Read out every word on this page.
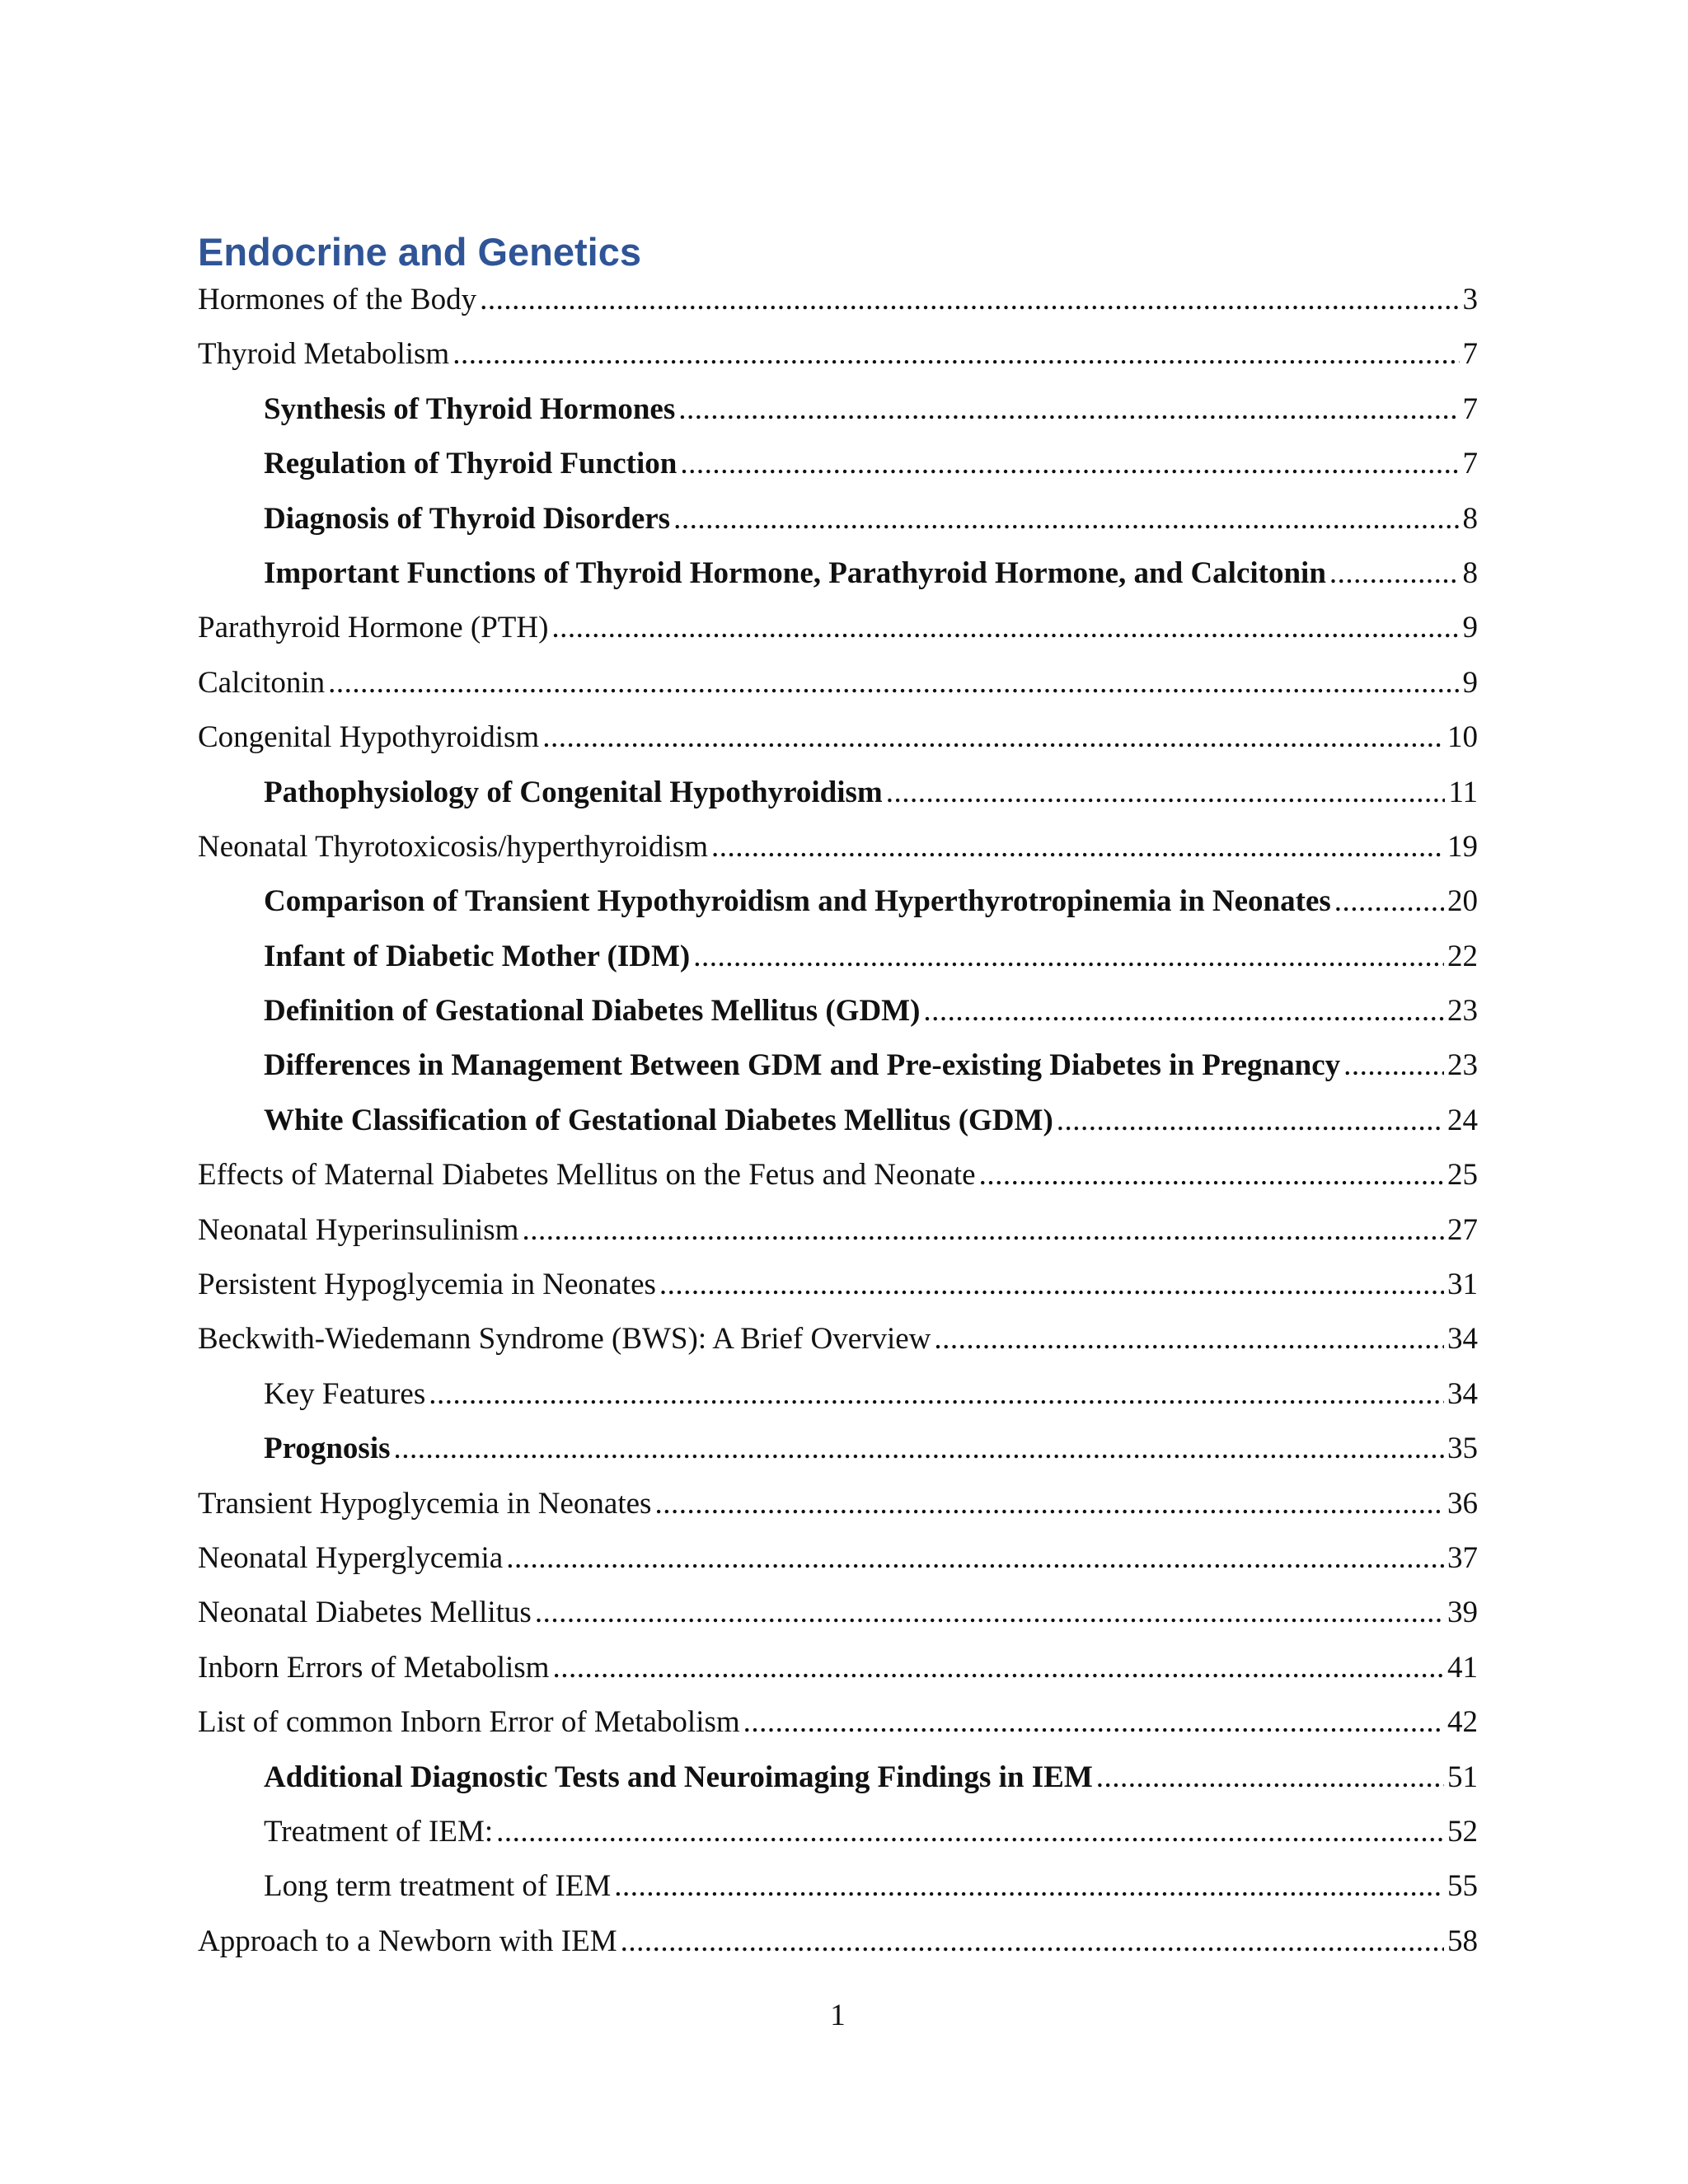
Endocrine and Genetics
Hormones of the Body .....	3
Thyroid Metabolism .....	7
Synthesis of Thyroid Hormones .....	7
Regulation of Thyroid Function .....	7
Diagnosis of Thyroid Disorders .....	8
Important Functions of Thyroid Hormone, Parathyroid Hormone, and Calcitonin .....	8
Parathyroid Hormone (PTH) .....	9
Calcitonin .....	9
Congenital Hypothyroidism .....	10
Pathophysiology of Congenital Hypothyroidism .....	11
Neonatal Thyrotoxicosis/hyperthyroidism .....	19
Comparison of Transient Hypothyroidism and Hyperthyrotropinemia in Neonates .....	20
Infant of Diabetic Mother (IDM) .....	22
Definition of Gestational Diabetes Mellitus (GDM) .....	23
Differences in Management Between GDM and Pre-existing Diabetes in Pregnancy .....	23
White Classification of Gestational Diabetes Mellitus (GDM) .....	24
Effects of Maternal Diabetes Mellitus on the Fetus and Neonate .....	25
Neonatal Hyperinsulinism .....	27
Persistent Hypoglycemia in Neonates .....	31
Beckwith-Wiedemann Syndrome (BWS): A Brief Overview .....	34
Key Features .....	34
Prognosis .....	35
Transient Hypoglycemia in Neonates .....	36
Neonatal Hyperglycemia .....	37
Neonatal Diabetes Mellitus .....	39
Inborn Errors of Metabolism .....	41
List of common Inborn Error of Metabolism .....	42
Additional Diagnostic Tests and Neuroimaging Findings in IEM .....	51
Treatment of IEM: .....	52
Long term treatment of IEM .....	55
Approach to a Newborn with IEM .....	58
1
